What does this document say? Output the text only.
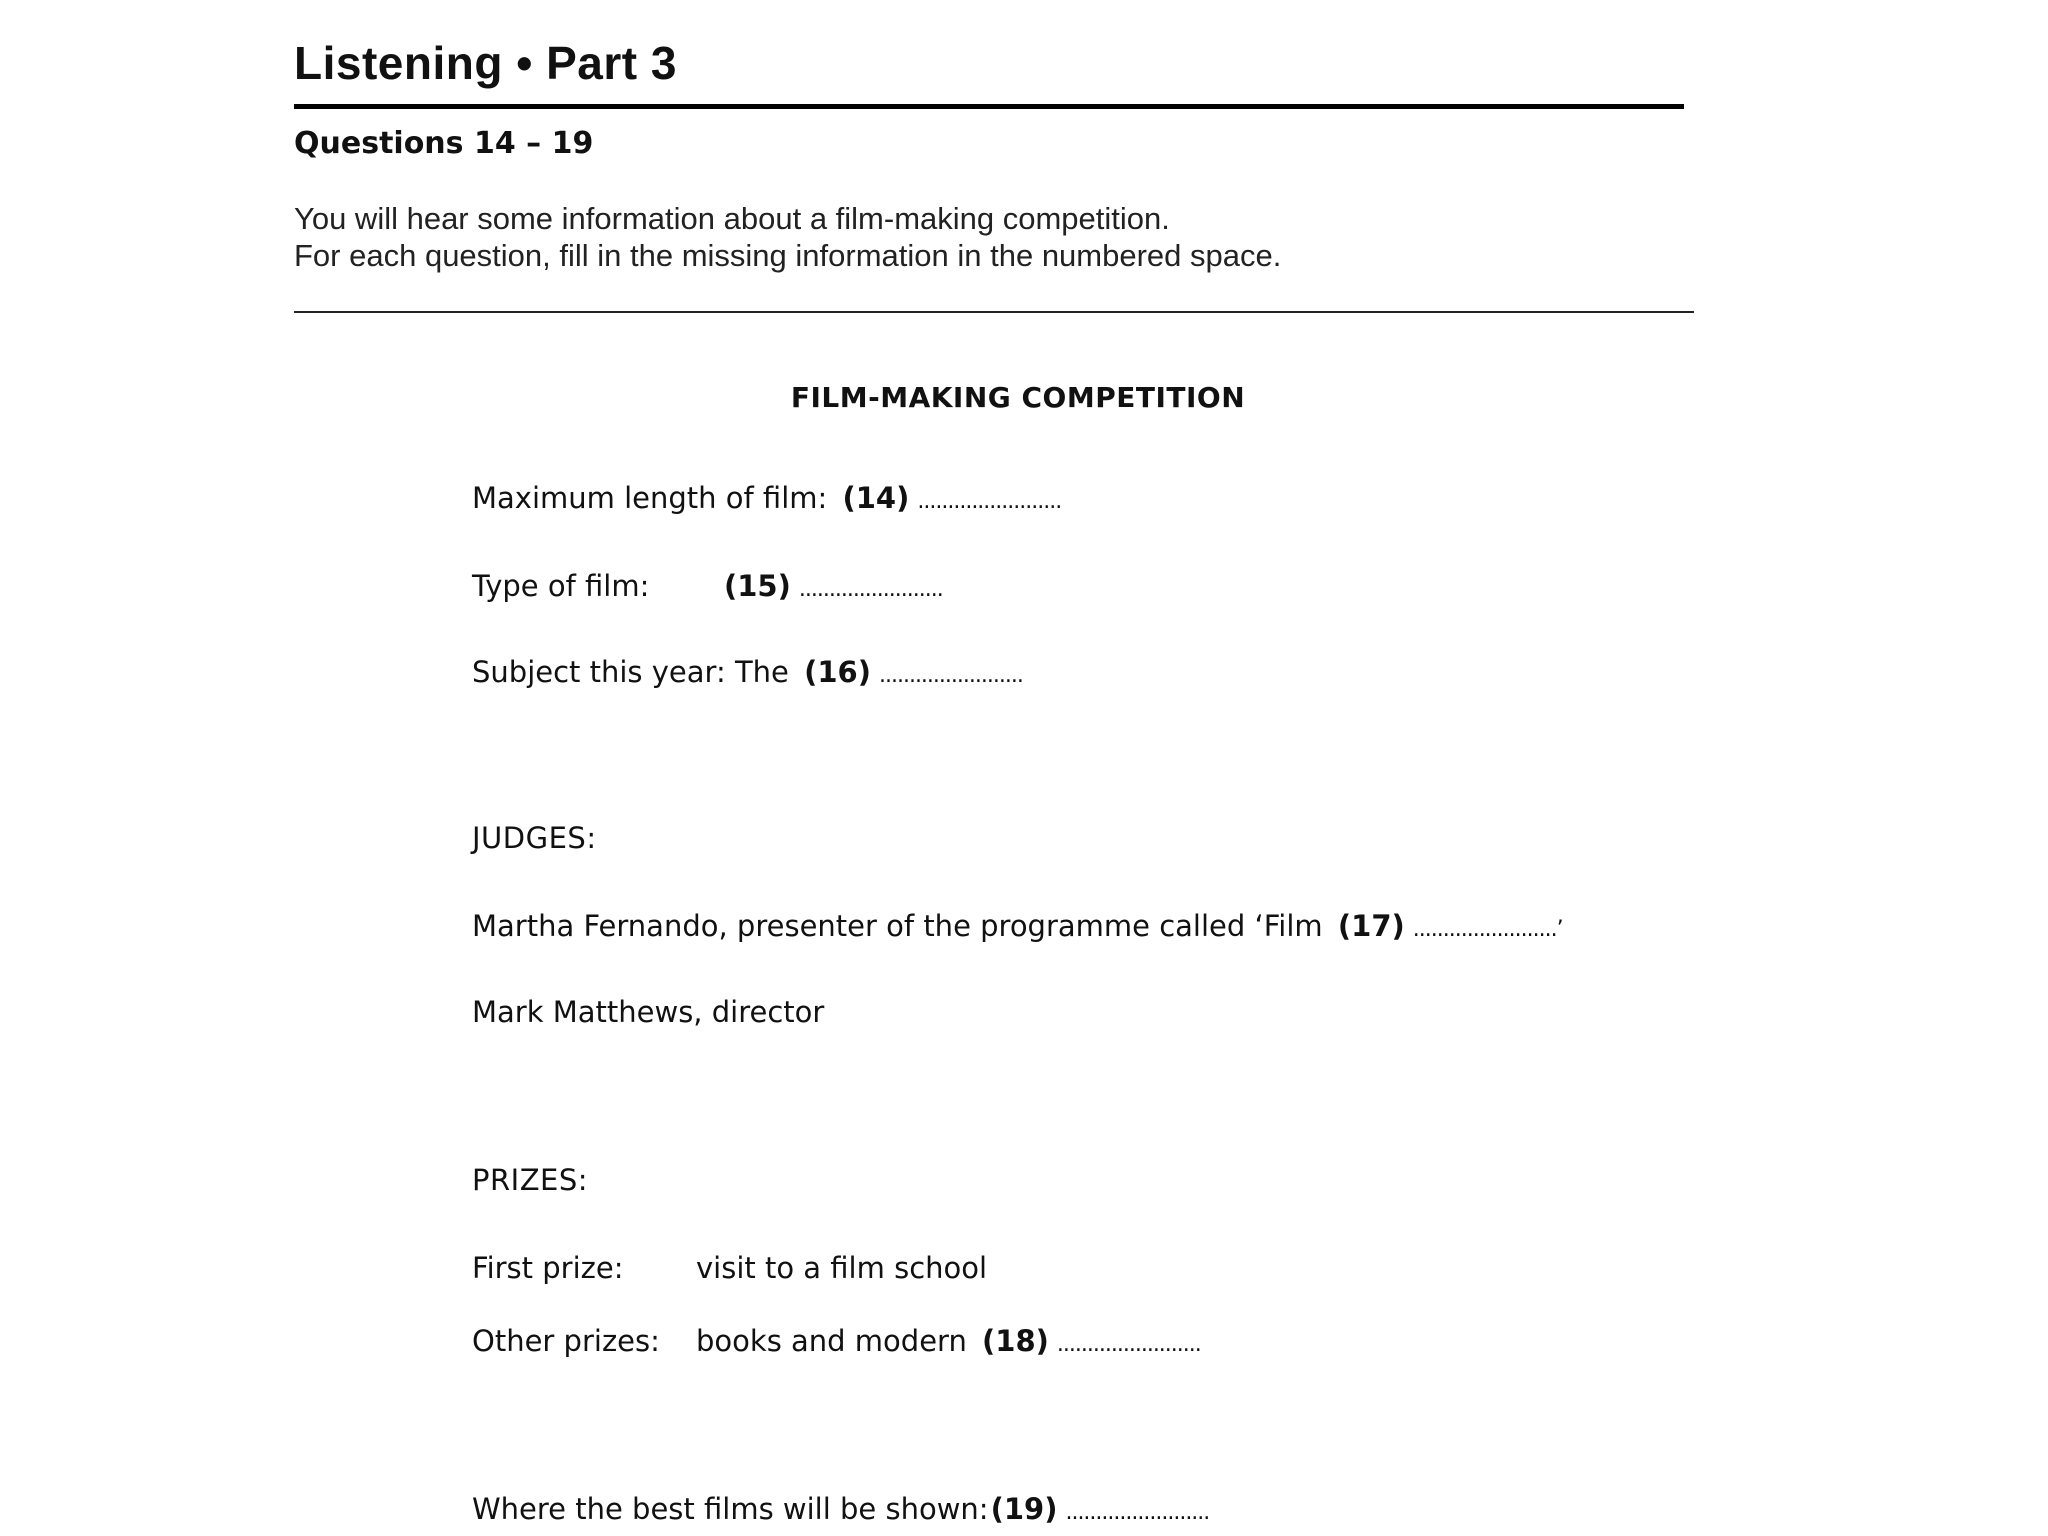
Listening • Part 3
Questions 14 – 19
You will hear some information about a film-making competition.
For each question, fill in the missing information in the numbered space.
FILM-MAKING COMPETITION
Maximum length of film: (14) ........................
Type of film:	(15) ........................
Subject this year: The (16) ........................
JUDGES:
Martha Fernando, presenter of the programme called ‘Film (17) ........................’
Mark Matthews, director
PRIZES:
First prize:	visit to a film school
Other prizes: books and modern (18) ........................
Where the best films will be shown:(19) ........................
